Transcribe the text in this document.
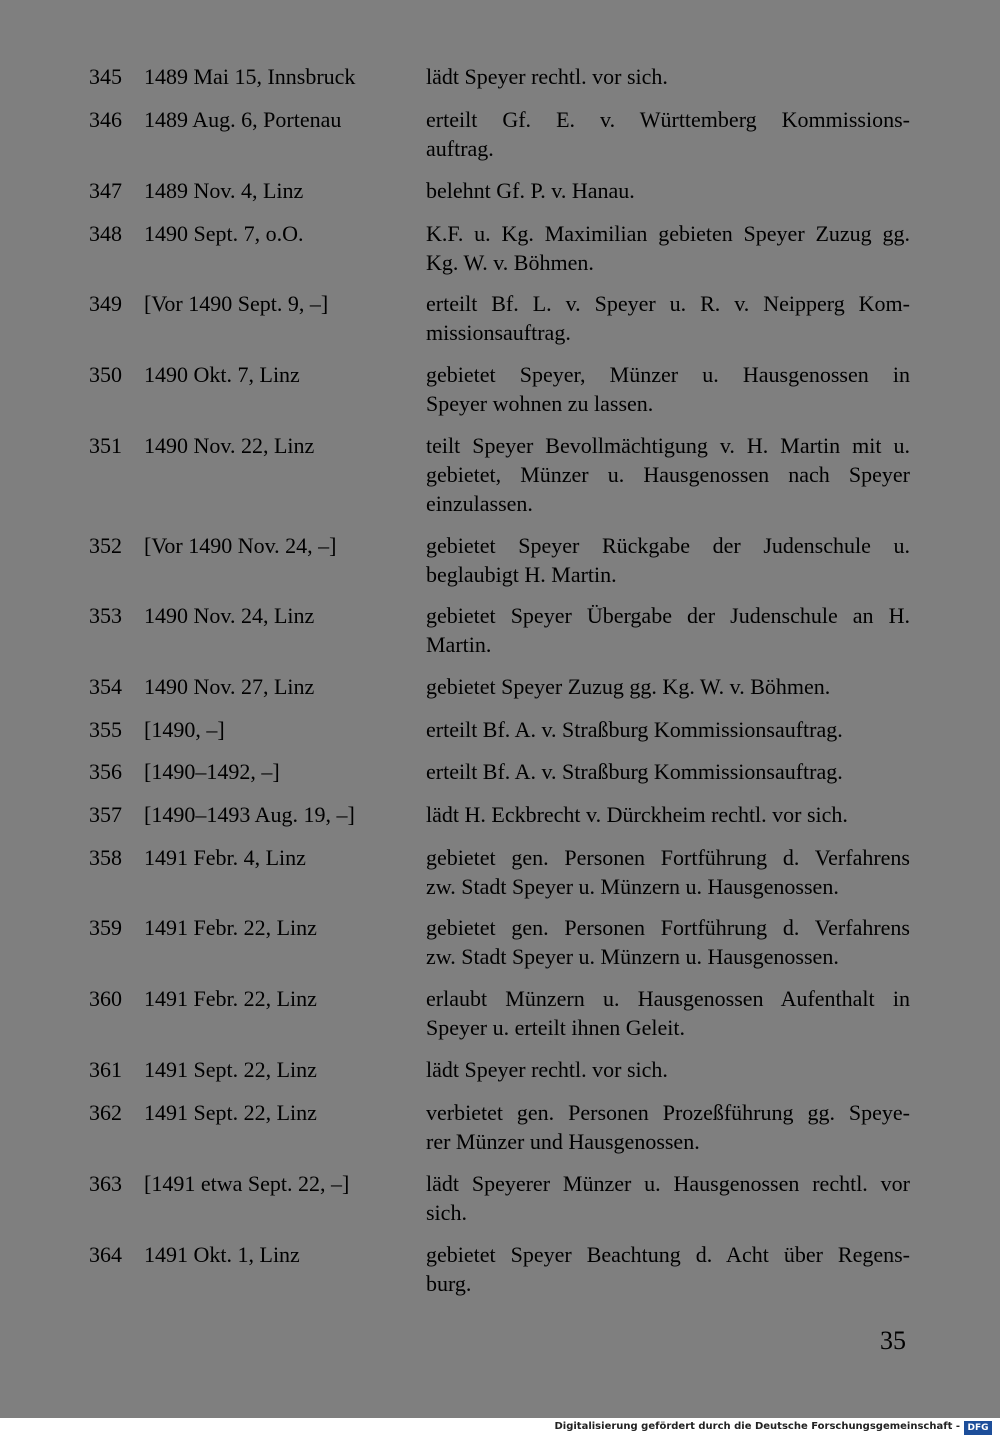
345	1489 Mai 15, Innsbruck	lädt Speyer rechtl. vor sich.
346	1489 Aug. 6, Portenau	erteilt Gf. E. v. Württemberg Kommissions-
auftrag.
347	1489 Nov. 4, Linz	belehnt Gf. P. v. Hanau.
348	1490 Sept. 7, o.O.	K.F. u. Kg. Maximilian gebieten Speyer Zuzug gg.
Kg. W. v. Böhmen.
349	[Vor 1490 Sept. 9, –]	erteilt Bf. L. v. Speyer u. R. v. Neipperg Kom-
missionsauftrag.
350	1490 Okt. 7, Linz	gebietet Speyer, Münzer u. Hausgenossen in
Speyer wohnen zu lassen.
351	1490 Nov. 22, Linz	teilt Speyer Bevollmächtigung v. H. Martin mit u.
gebietet, Münzer u. Hausgenossen nach Speyer
einzulassen.
352	[Vor 1490 Nov. 24, –]	gebietet Speyer Rückgabe der Judenschule u.
beglaubigt H. Martin.
353	1490 Nov. 24, Linz	gebietet Speyer Übergabe der Judenschule an H.
Martin.
354	1490 Nov. 27, Linz	gebietet Speyer Zuzug gg. Kg. W. v. Böhmen.
355	[1490, –]	erteilt Bf. A. v. Straßburg Kommissionsauftrag.
356	[1490–1492, –]	erteilt Bf. A. v. Straßburg Kommissionsauftrag.
357	[1490–1493 Aug. 19, –]	lädt H. Eckbrecht v. Dürckheim rechtl. vor sich.
358	1491 Febr. 4, Linz	gebietet gen. Personen Fortführung d. Verfahrens
zw. Stadt Speyer u. Münzern u. Hausgenossen.
359	1491 Febr. 22, Linz	gebietet gen. Personen Fortführung d. Verfahrens
zw. Stadt Speyer u. Münzern u. Hausgenossen.
360	1491 Febr. 22, Linz	erlaubt Münzern u. Hausgenossen Aufenthalt in
Speyer u. erteilt ihnen Geleit.
361	1491 Sept. 22, Linz	lädt Speyer rechtl. vor sich.
362	1491 Sept. 22, Linz	verbietet gen. Personen Prozeßführung gg. Speye-
rer Münzer und Hausgenossen.
363	[1491 etwa Sept. 22, –]	lädt Speyerer Münzer u. Hausgenossen rechtl. vor
sich.
364	1491 Okt. 1, Linz	gebietet Speyer Beachtung d. Acht über Regens-
burg.
35
Digitalisierung gefördert durch die Deutsche Forschungsgemeinschaft - DFG
